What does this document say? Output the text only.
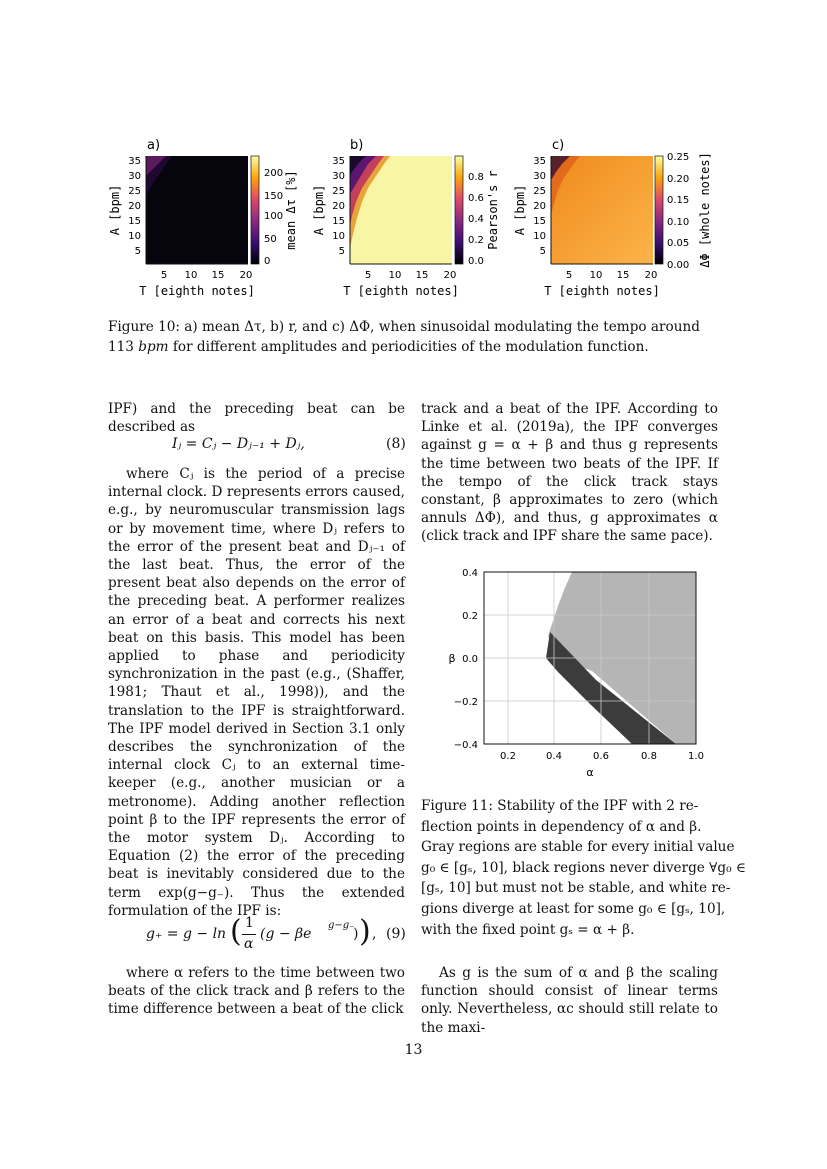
a)
35
30
25
20
15
10
5
5 10 15 20
T [eighth notes]
A [bpm]
200
150
100
50
0
mean Δτ [%]
b)
35
30
25
20
15
10
5
5 10 15 20
T [eighth notes]
A [bpm]
0.8
0.6
0.4
0.2
0.0
Pearson's r
c)
35
30
25
20
15
10
5
5 10 15 20
T [eighth notes]
A [bpm]
0.25
0.20
0.15
0.10
0.05
0.00 ΔΦ [whole notes]
Figure 10: a) mean Δτ, b) r, and c) ΔΦ, when sinusoidal modulating the tempo around
113 bpm for different amplitudes and periodicities of the modulation function.

IPF) and the preceding beat can be described as

Iⱼ = Cⱼ − Dⱼ₋₁ + Dⱼ,	(8)
where Cⱼ is the period of a precise internal clock. D represents errors caused, e.g., by neuromuscular transmission lags or by movement time, where Dⱼ refers to the error of the present beat and Dⱼ₋₁ of the last beat. Thus, the error of the present beat also depends on the error of the preceding beat. A performer realizes an error of a beat and corrects his next beat on this basis. This model has been applied to phase and periodicity synchronization in the past (e.g., (Shaffer, 1981; Thaut et al., 1998)), and the translation to the IPF is straightforward. The IPF model derived in Section 3.1 only describes the synchronization of the internal clock Cⱼ to an external time-keeper (e.g., another musician or a metronome). Adding another reflection point β to the IPF represents the error of the motor system Dⱼ. According to Equation (2) the error of the preceding beat is inevitably considered due to the term exp(g−g₋). Thus the extended formulation of the IPF is:
g₊ = g − ln ( 1
α
(g − βe
g−g₋
) ) , (9)
where α refers to the time between two beats of the click track and β refers to the time difference between a beat of the click
track and a beat of the IPF. According to Linke et al. (2019a), the IPF converges against g = α + β and thus g represents the time between two beats of the IPF. If the tempo of the click track stays constant, β approximates to zero (which annuls ΔΦ), and thus, g approximates α (click track and IPF share the same pace).
0.4
0.2
0.0
−0.2
−0.4
0.2	0.4	0.6	0.8	1.0
α
β
Figure 11: Stability of the IPF with 2 re-
flection points in dependency of α and β.
Gray regions are stable for every initial value
g₀ ∈ [gₛ, 10], black regions never diverge ∀g₀ ∈
[gₛ, 10] but must not be stable, and white re-
gions diverge at least for some g₀ ∈ [gₛ, 10],
with the fixed point gₛ = α + β.
As g is the sum of α and β the scaling function should consist of linear terms only. Nevertheless, αc should still relate to the maxi-
13
